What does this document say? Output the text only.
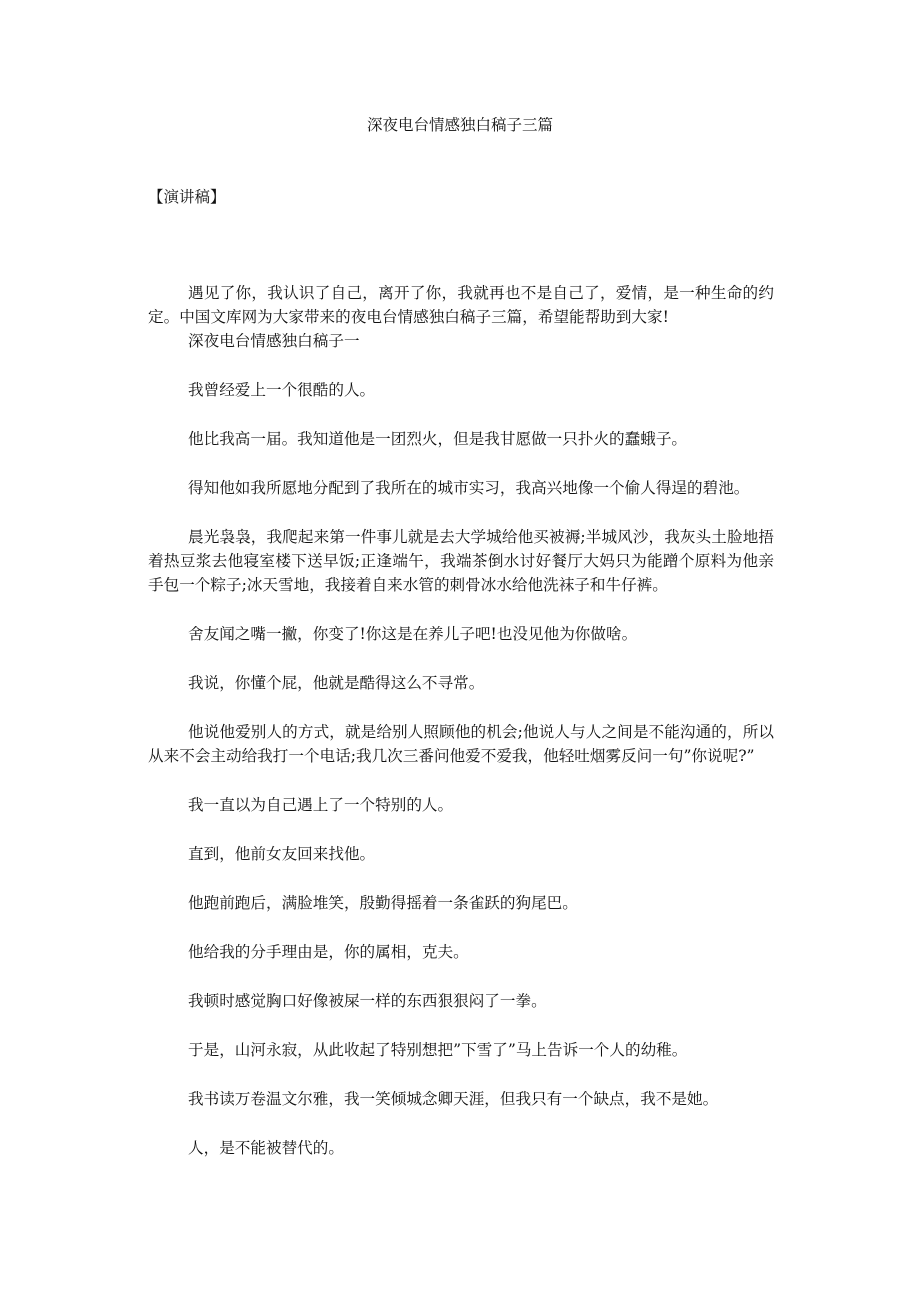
深夜电台情感独白稿子三篇
【演讲稿】

遇见了你，我认识了自己，离开了你，我就再也不是自己了，爱情，是一种生命的约定。中国文库网为大家带来的夜电台情感独白稿子三篇，希望能帮助到大家!

深夜电台情感独白稿子一

我曾经爱上一个很酷的人。

他比我高一届。我知道他是一团烈火，但是我甘愿做一只扑火的蠢蛾子。

得知他如我所愿地分配到了我所在的城市实习，我高兴地像一个偷人得逞的碧池。

晨光袅袅，我爬起来第一件事儿就是去大学城给他买被褥;半城风沙，我灰头土脸地捂着热豆浆去他寝室楼下送早饭;正逢端午，我端茶倒水讨好餐厅大妈只为能蹭个原料为他亲手包一个粽子;冰天雪地，我接着自来水管的刺骨冰水给他洗袜子和牛仔裤。

舍友闻之嘴一撇，你变了!你这是在养儿子吧!也没见他为你做啥。

我说，你懂个屁，他就是酷得这么不寻常。

他说他爱别人的方式，就是给别人照顾他的机会;他说人与人之间是不能沟通的，所以从来不会主动给我打一个电话;我几次三番问他爱不爱我，他轻吐烟雾反问一句”你说呢?”

我一直以为自己遇上了一个特别的人。

直到，他前女友回来找他。

他跑前跑后，满脸堆笑，殷勤得摇着一条雀跃的狗尾巴。

他给我的分手理由是，你的属相，克夫。

我顿时感觉胸口好像被屎一样的东西狠狠闷了一拳。

于是，山河永寂，从此收起了特别想把”下雪了”马上告诉一个人的幼稚。

我书读万卷温文尔雅，我一笑倾城念卿天涯，但我只有一个缺点，我不是她。

人，是不能被替代的。
